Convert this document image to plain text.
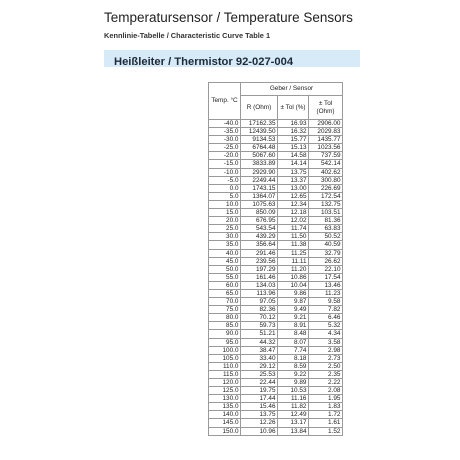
Temperatursensor / Temperature Sensors
Kennlinie-Tabelle / Characteristic Curve Table 1
Heißleiter / Thermistor 92-027-004
Temp. °C	Geber / Sensor		
	R (Ohm)	± Tol (%)	± Tol (Ohm)
-40.0	17162.35	16.93	2906.00
-35.0	12439.50	16.32	2029.83
-30.0	9134.53	15.77	1435.77
-25.0	6764.48	15.13	1023.56
-20.0	5067.60	14.58	737.59
-15.0	3833.89	14.14	542.14
-10.0	2929.90	13.75	402.62
-5.0	2249.44	13.37	300.80
0.0	1743.15	13.00	226.69
5.0	1364.07	12.65	172.54
10.0	1075.63	12.34	132.75
15.0	850.09	12.18	103.51
20.0	676.95	12.02	81.36
25.0	543.54	11.74	63.83
30.0	439.29	11.50	50.52
35.0	356.64	11.38	40.59
40.0	291.46	11.25	32.79
45.0	239.56	11.11	26.62
50.0	197.29	11.20	22.10
55.0	161.46	10.86	17.54
60.0	134.03	10.04	13.46
65.0	113.96	9.86	11.23
70.0	97.05	9.87	9.58
75.0	82.36	9.49	7.82
80.0	70.12	9.21	6.46
85.0	59.73	8.91	5.32
90.0	51.21	8.48	4.34
95.0	44.32	8.07	3.58
100.0	38.47	7.74	2.98
105.0	33.40	8.18	2.73
110.0	29.12	8.59	2.50
115.0	25.53	9.22	2.35
120.0	22.44	9.89	2.22
125.0	19.75	10.53	2.08
130.0	17.44	11.16	1.95
135.0	15.46	11.82	1.83
140.0	13.75	12.49	1.72
145.0	12.26	13.17	1.61
150.0	10.96	13.84	1.52
